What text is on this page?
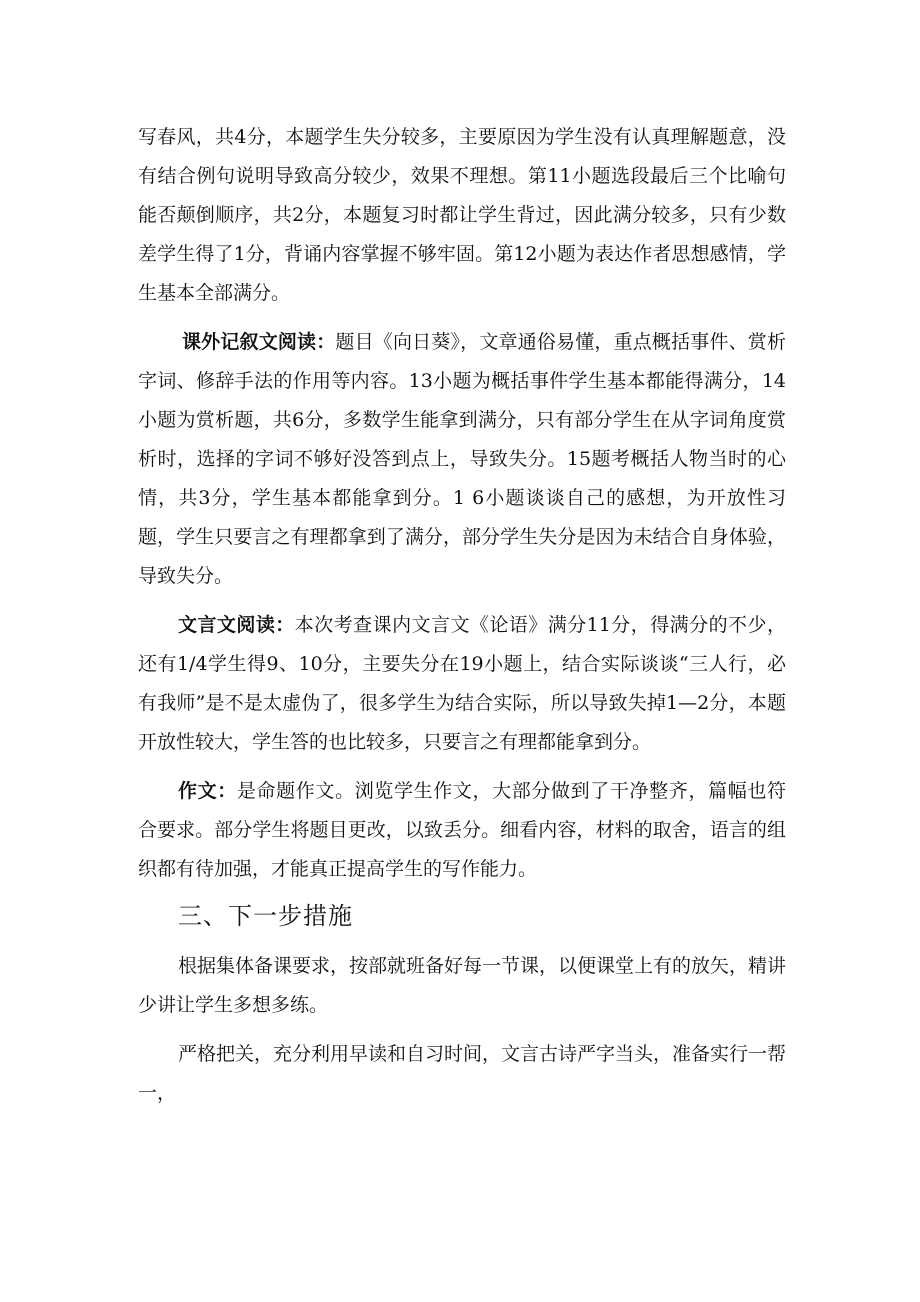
写春风，共4分，本题学生失分较多，主要原因为学生没有认真理解题意，没有结合例句说明导致高分较少，效果不理想。第11小题选段最后三个比喻句能否颠倒顺序，共2分，本题复习时都让学生背过，因此满分较多，只有少数差学生得了1分，背诵内容掌握不够牢固。第12小题为表达作者思想感情，学生基本全部满分。

课外记叙文阅读：题目《向日葵》，文章通俗易懂，重点概括事件、赏析字词、修辞手法的作用等内容。13小题为概括事件学生基本都能得满分，14小题为赏析题，共6分，多数学生能拿到满分，只有部分学生在从字词角度赏析时，选择的字词不够好没答到点上，导致失分。15题考概括人物当时的心情，共3分，学生基本都能拿到分。1 6小题谈谈自己的感想，为开放性习题，学生只要言之有理都拿到了满分，部分学生失分是因为未结合自身体验，导致失分。

文言文阅读：本次考查课内文言文《论语》满分11分，得满分的不少，还有1/4学生得9、10分，主要失分在19小题上，结合实际谈谈“三人行，必有我师”是不是太虚伪了，很多学生为结合实际，所以导致失掉1—2分，本题开放性较大，学生答的也比较多，只要言之有理都能拿到分。

作文：是命题作文。浏览学生作文，大部分做到了干净整齐，篇幅也符合要求。部分学生将题目更改，以致丢分。细看内容，材料的取舍，语言的组织都有待加强，才能真正提高学生的写作能力。

三、下一步措施

根据集体备课要求，按部就班备好每一节课，以便课堂上有的放矢，精讲少讲让学生多想多练。

严格把关，充分利用早读和自习时间，文言古诗严字当头，准备实行一帮一，
